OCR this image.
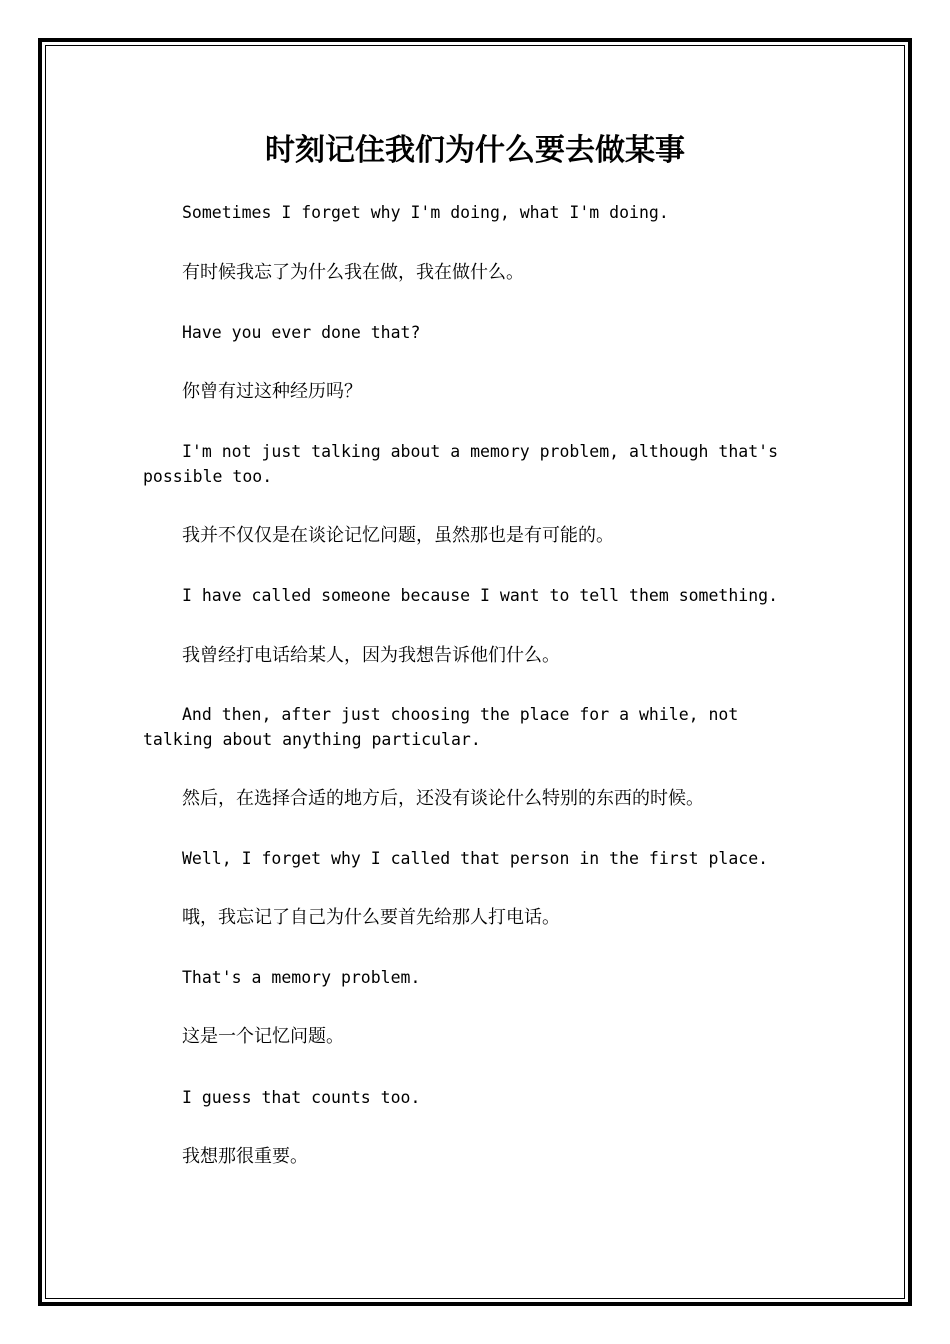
时刻记住我们为什么要去做某事

Sometimes I forget why I'm doing, what I'm doing.

有时候我忘了为什么我在做，我在做什么。

Have you ever done that?

你曾有过这种经历吗？

I'm not just talking about a memory problem, although that's possible too.

我并不仅仅是在谈论记忆问题，虽然那也是有可能的。

I have called someone because I want to tell them something.

我曾经打电话给某人，因为我想告诉他们什么。

And then, after just choosing the place for a while, not talking about anything particular.

然后，在选择合适的地方后，还没有谈论什么特别的东西的时候。

Well, I forget why I called that person in the first place.

哦，我忘记了自己为什么要首先给那人打电话。

That's a memory problem.

这是一个记忆问题。

I guess that counts too.

我想那很重要。
